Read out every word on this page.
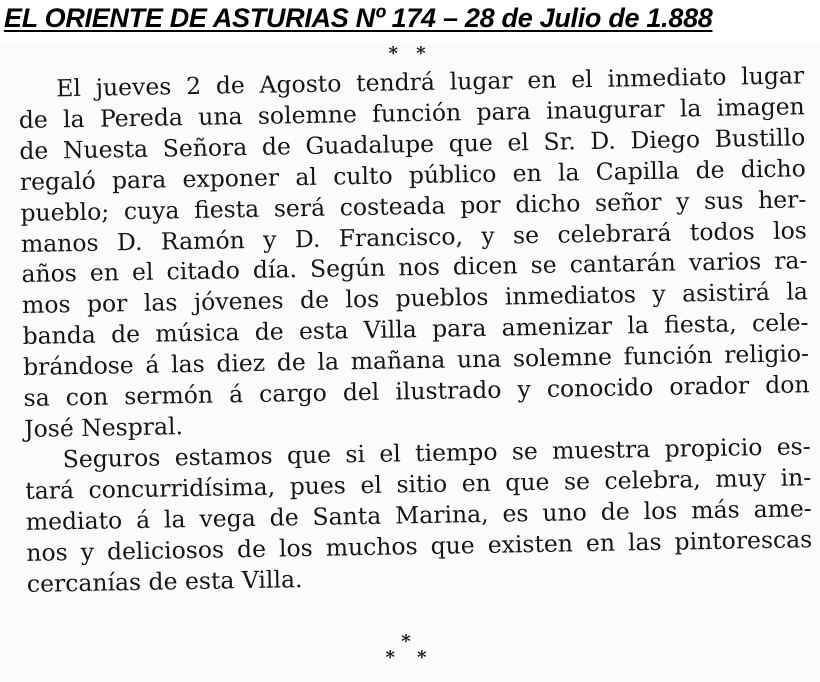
EL ORIENTE DE ASTURIAS Nº 174 – 28 de Julio de 1.888
* *
El jueves 2 de Agosto tendrá lugar en el inmediato lugar
de la Pereda una solemne función para inaugurar la imagen
de Nuesta Señora de Guadalupe que el Sr. D. Diego Bustillo
regaló para exponer al culto público en la Capilla de dicho
pueblo; cuya fiesta será costeada por dicho señor y sus her-
manos D. Ramón y D. Francisco, y se celebrará todos los
años en el citado día. Según nos dicen se cantarán varios ra-
mos por las jóvenes de los pueblos inmediatos y asistirá la
banda de música de esta Villa para amenizar la fiesta, cele-
brándose á las diez de la mañana una solemne función religio-
sa con sermón á cargo del ilustrado y conocido orador don
José Nespral.
Seguros estamos que si el tiempo se muestra propicio es-
tará concurridísima, pues el sitio en que se celebra, muy in-
mediato á la vega de Santa Marina, es uno de los más ame-
nos y deliciosos de los muchos que existen en las pintorescas
cercanías de esta Villa.
*
* *
